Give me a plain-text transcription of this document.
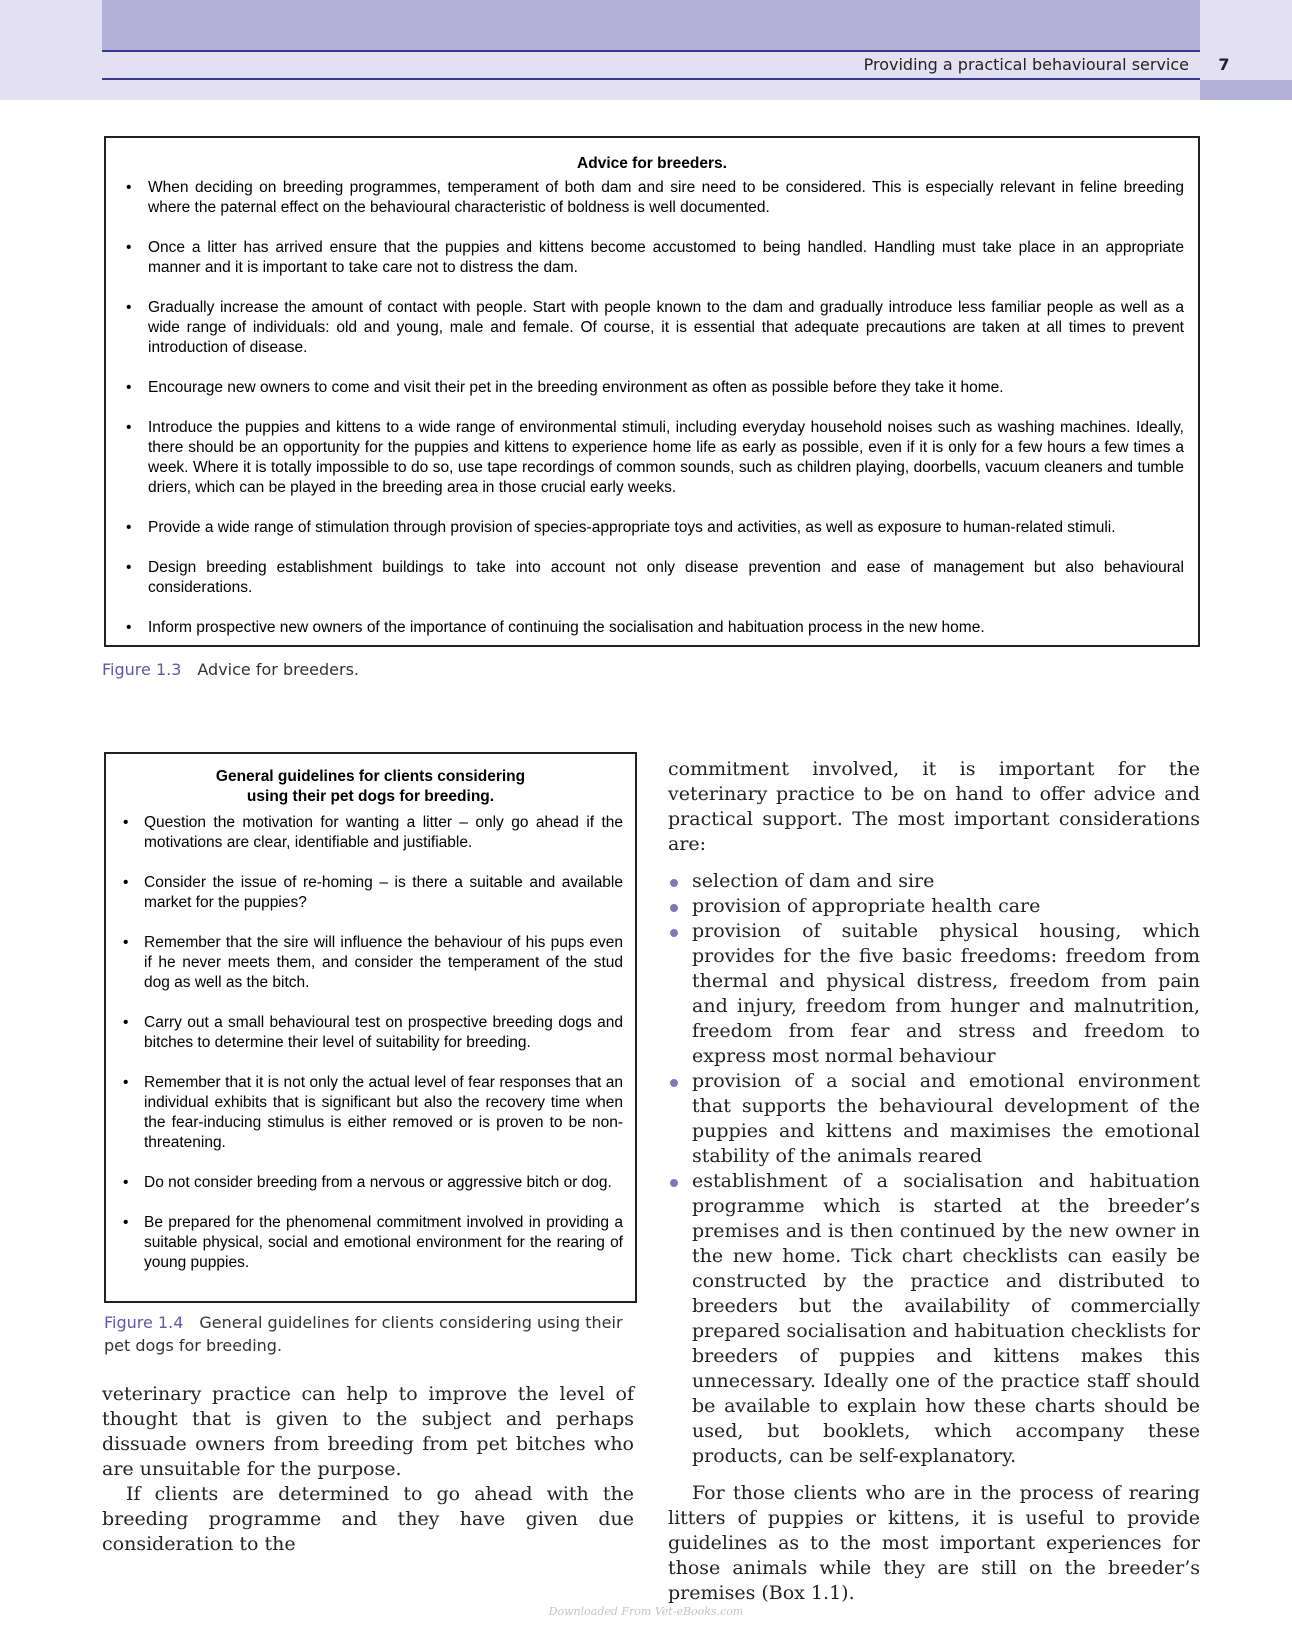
Providing a practical behavioural service	7
Advice for breeders.
• When deciding on breeding programmes, temperament of both dam and sire need to be considered. This is especially relevant in feline breeding where the paternal effect on the behavioural characteristic of boldness is well documented.
• Once a litter has arrived ensure that the puppies and kittens become accustomed to being handled. Handling must take place in an appropriate manner and it is important to take care not to distress the dam.
• Gradually increase the amount of contact with people. Start with people known to the dam and gradually introduce less familiar people as well as a wide range of individuals: old and young, male and female. Of course, it is essential that adequate precautions are taken at all times to prevent introduction of disease.
• Encourage new owners to come and visit their pet in the breeding environment as often as possible before they take it home.
• Introduce the puppies and kittens to a wide range of environmental stimuli, including everyday household noises such as washing machines. Ideally, there should be an opportunity for the puppies and kittens to experience home life as early as possible, even if it is only for a few hours a few times a week. Where it is totally impossible to do so, use tape recordings of common sounds, such as children playing, doorbells, vacuum cleaners and tumble driers, which can be played in the breeding area in those crucial early weeks.
• Provide a wide range of stimulation through provision of species-appropriate toys and activities, as well as exposure to human-related stimuli.
• Design breeding establishment buildings to take into account not only disease prevention and ease of management but also behavioural considerations.
• Inform prospective new owners of the importance of continuing the socialisation and habituation process in the new home.
Figure 1.3 Advice for breeders.
General guidelines for clients considering
using their pet dogs for breeding.
• Question the motivation for wanting a litter – only go ahead if the motivations are clear, identifiable and justifiable.
• Consider the issue of re-homing – is there a suitable and available market for the puppies?
• Remember that the sire will influence the behaviour of his pups even if he never meets them, and consider the temperament of the stud dog as well as the bitch.
• Carry out a small behavioural test on prospective breeding dogs and bitches to determine their level of suitability for breeding.
• Remember that it is not only the actual level of fear responses that an individual exhibits that is significant but also the recovery time when the fear-inducing stimulus is either removed or is proven to be non-threatening.
• Do not consider breeding from a nervous or aggressive bitch or dog.
• Be prepared for the phenomenal commitment involved in providing a suitable physical, social and emotional environment for the rearing of young puppies.
Figure 1.4 General guidelines for clients considering using their pet dogs for breeding.

veterinary practice can help to improve the level of thought that is given to the subject and perhaps dissuade owners from breeding from pet bitches who are unsuitable for the purpose.

If clients are determined to go ahead with the breeding programme and they have given due consideration to the

commitment involved, it is important for the veterinary practice to be on hand to offer advice and practical support. The most important considerations are:

selection of dam and sire
provision of appropriate health care
provision of suitable physical housing, which provides for the five basic freedoms: freedom from thermal and physical distress, freedom from pain and injury, freedom from hunger and malnutrition, freedom from fear and stress and freedom to express most normal behaviour
provision of a social and emotional environment that supports the behavioural development of the puppies and kittens and maximises the emotional stability of the animals reared
establishment of a socialisation and habituation programme which is started at the breeder’s premises and is then continued by the new owner in the new home. Tick chart checklists can easily be constructed by the practice and distributed to breeders but the availability of commercially prepared socialisation and habituation checklists for breeders of puppies and kittens makes this unnecessary. Ideally one of the practice staff should be available to explain how these charts should be used, but booklets, which accompany these products, can be self-explanatory.

For those clients who are in the process of rearing litters of puppies or kittens, it is useful to provide guidelines as to the most important experiences for those animals while they are still on the breeder’s premises (Box 1.1).

Downloaded From Vet-eBooks.com
